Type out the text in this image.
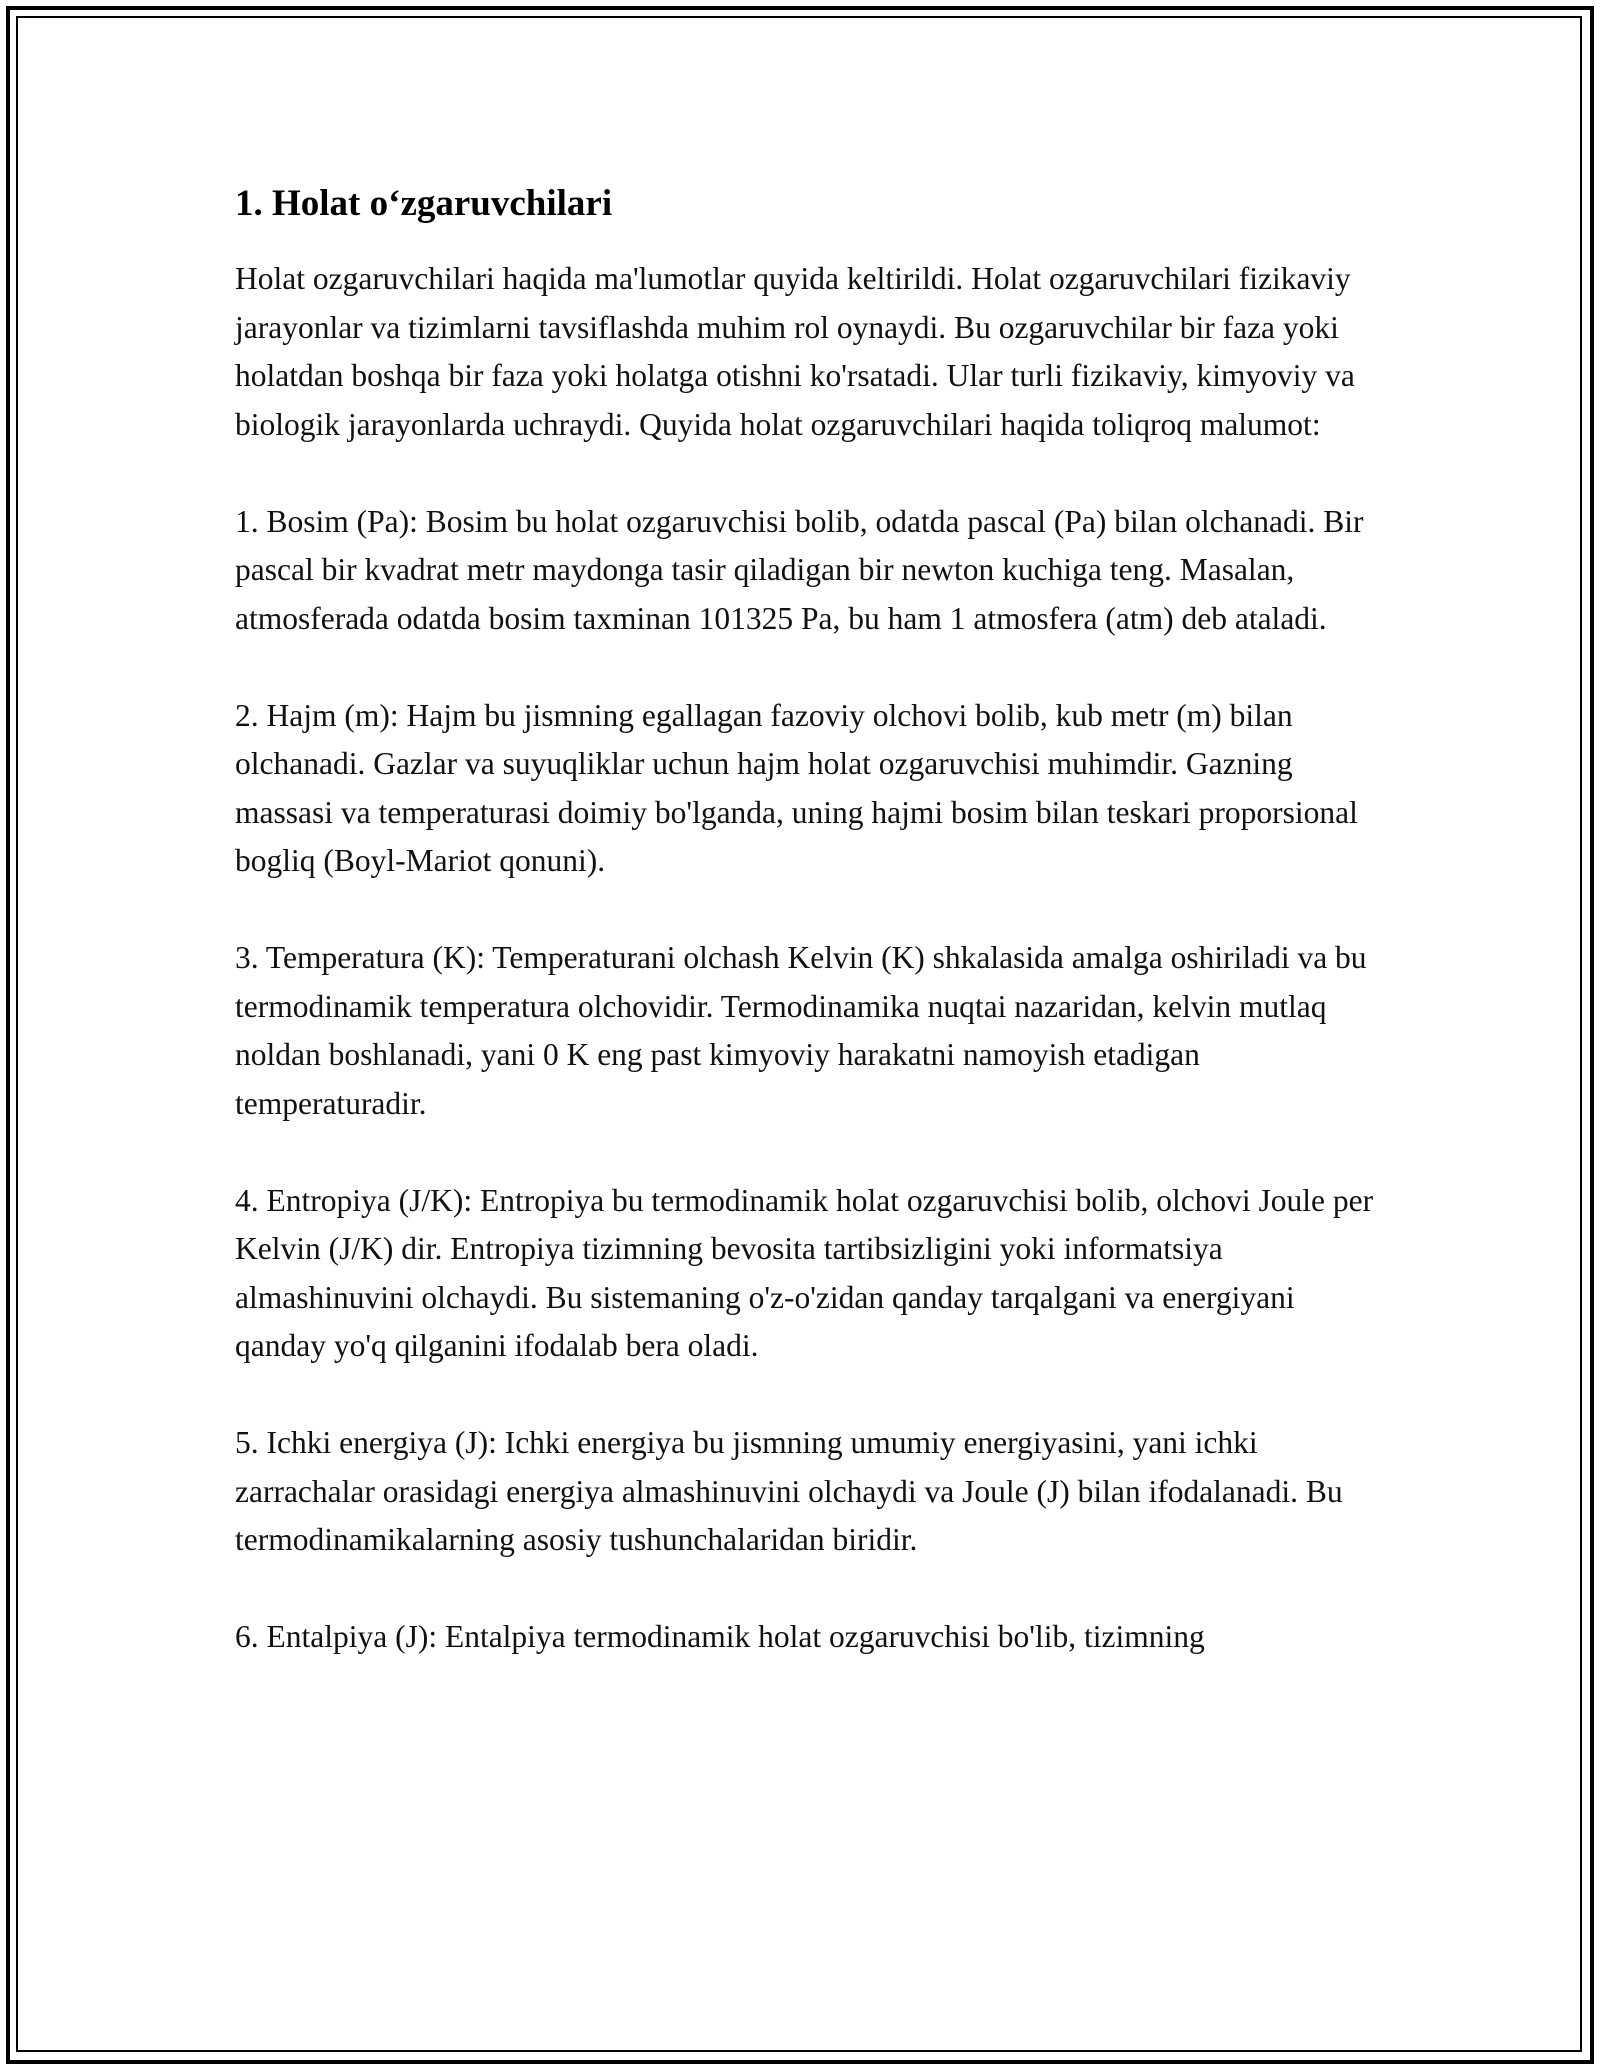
1. Holat o‘zgaruvchilari

Holat ozgaruvchilari haqida ma'lumotlar quyida keltirildi. Holat ozgaruvchilari fizikaviy jarayonlar va tizimlarni tavsiflashda muhim rol oynaydi. Bu ozgaruvchilar bir faza yoki holatdan boshqa bir faza yoki holatga otishni ko'rsatadi. Ular turli fizikaviy, kimyoviy va biologik jarayonlarda uchraydi. Quyida holat ozgaruvchilari haqida toliqroq malumot:

1. Bosim (Pa): Bosim bu holat ozgaruvchisi bolib, odatda pascal (Pa) bilan olchanadi. Bir pascal bir kvadrat metr maydonga tasir qiladigan bir newton kuchiga teng. Masalan, atmosferada odatda bosim taxminan 101325 Pa, bu ham 1 atmosfera (atm) deb ataladi.

2. Hajm (m): Hajm bu jismning egallagan fazoviy olchovi bolib, kub metr (m) bilan olchanadi. Gazlar va suyuqliklar uchun hajm holat ozgaruvchisi muhimdir. Gazning massasi va temperaturasi doimiy bo'lganda, uning hajmi bosim bilan teskari proporsional bogliq (Boyl-Mariot qonuni).

3. Temperatura (K): Temperaturani olchash Kelvin (K) shkalasida amalga oshiriladi va bu termodinamik temperatura olchovidir. Termodinamika nuqtai nazaridan, kelvin mutlaq noldan boshlanadi, yani 0 K eng past kimyoviy harakatni namoyish etadigan temperaturadir.

4. Entropiya (J/K): Entropiya bu termodinamik holat ozgaruvchisi bolib, olchovi Joule per Kelvin (J/K) dir. Entropiya tizimning bevosita tartibsizligini yoki informatsiya almashinuvini olchaydi. Bu sistemaning o'z-o'zidan qanday tarqalgani va energiyani qanday yo'q qilganini ifodalab bera oladi.

5. Ichki energiya (J): Ichki energiya bu jismning umumiy energiyasini, yani ichki zarrachalar orasidagi energiya almashinuvini olchaydi va Joule (J) bilan ifodalanadi. Bu termodinamikalarning asosiy tushunchalaridan biridir.

6. Entalpiya (J): Entalpiya termodinamik holat ozgaruvchisi bo'lib, tizimning
